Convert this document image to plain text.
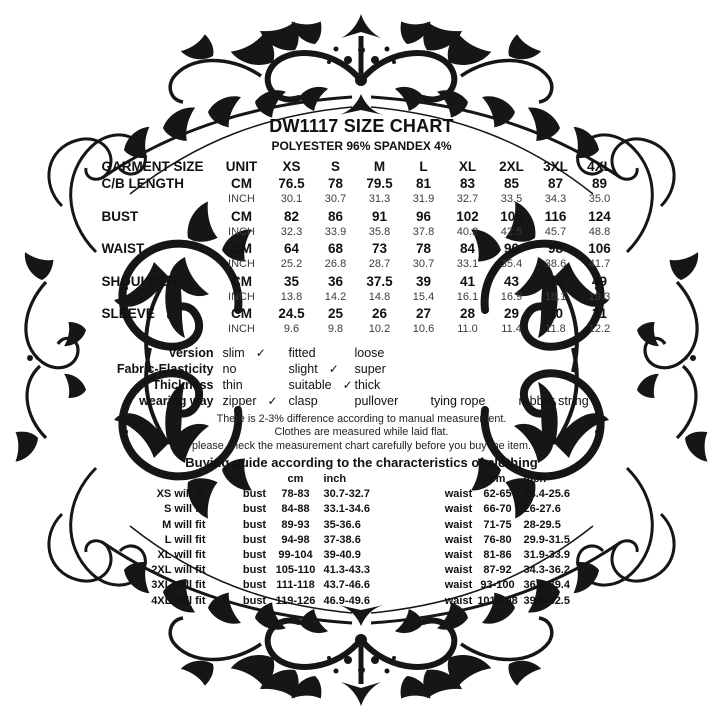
DW1117 SIZE CHART
POLYESTER 96% SPANDEX 4%
GARMENT SIZE	UNIT	XS	S	M	L	XL	2XL	3XL	4XL
C/B LENGTH	CM	76.5	78	79.5	81	83	85	87	89
INCH	30.1	30.7	31.3	31.9	32.7	33.5	34.3	35.0
BUST	CM	82	86	91	96	102	108	116	124
INCH	32.3	33.9	35.8	37.8	40.2	42.5	45.7	48.8
WAIST	CM	64	68	73	78	84	90	98	106
INCH	25.2	26.8	28.7	30.7	33.1	35.4	38.6	41.7
SHOULDER	CM	35	36	37.5	39	41	43	46	49
INCH	13.8	14.2	14.8	15.4	16.1	16.9	18.1	19.3
SLEEVE	CM	24.5	25	26	27	28	29	30	31
INCH	9.6	9.8	10.2	10.6	11.0	11.4	11.8	12.2
Version slim ✓ fitted	loose
Fabric-Elasticity no	slight ✓ super
Thickness thin	suitable ✓ thick
wearing way zipper ✓ clasp	pullover	tying rope	rubber string
There is 2-3% difference according to manual measurement.
Clothes are measured while laid flat.
please check the measurement chart carefully before you buy the item.
Buying guide according to the characteristics of clothing
cm	inch	cm	inch
XS will fit	bust	78-83	30.7-32.7	waist	62-65	24.4-25.6
S will fit	bust	84-88	33.1-34.6	waist	66-70	26-27.6
M will fit	bust	89-93	35-36.6	waist	71-75	28-29.5
L will fit	bust	94-98	37-38.6	waist	76-80	29.9-31.5
XL will fit	bust	99-104 39-40.9	waist	81-86	31.9-33.9
2XL will fit	bust 105-110 41.3-43.3	waist	87-92	34.3-36.2
3XL will fit	bust 111-118 43.7-46.6	waist 93-100 36.6-39.4
4XL will fit	bust 119-126 46.9-49.6	waist 101-108 39.8-42.5
